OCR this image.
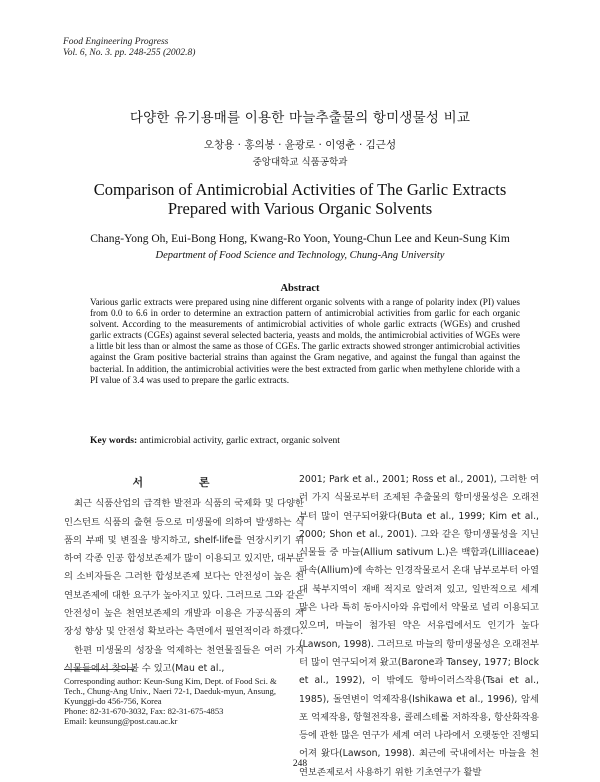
Food Engineering Progress
Vol. 6, No. 3. pp. 248-255 (2002.8)
다양한 유기용매를 이용한 마늘추출물의 항미생물성 비교
오창용 · 홍의봉 · 윤광로 · 이영춘 · 김근성
중앙대학교 식품공학과
Comparison of Antimicrobial Activities of The Garlic Extracts
Prepared with Various Organic Solvents
Chang-Yong Oh, Eui-Bong Hong, Kwang-Ro Yoon, Young-Chun Lee and Keun-Sung Kim
Department of Food Science and Technology, Chung-Ang University
Abstract

Various garlic extracts were prepared using nine different organic solvents with a range of polarity index (PI) values from 0.0 to 6.6 in order to determine an extraction pattern of antimicrobial activities from garlic for each organic solvent. According to the measurements of antimicrobial activities of whole garlic extracts (WGEs) and crushed garlic extracts (CGEs) against several selected bacteria, yeasts and molds, the antimicrobial activities of WGEs were a little bit less than or almost the same as those of CGEs. The garlic extracts showed stronger antimicrobial activities against the Gram positive bacterial strains than against the Gram negative, and against the fungal than against the bacterial. In addition, the antimicrobial activities were the best extracted from garlic when methylene chloride with a PI value of 3.4 was used to prepare the garlic extracts.

Key words: antimicrobial activity, garlic extract, organic solvent

서 론

최근 식품산업의 급격한 발전과 식품의 국제화 및 다양한 인스턴트 식품의 출현 등으로 미생물에 의하여 발생하는 식품의 부패 및 변질을 방지하고, shelf-life를 연장시키기 위하여 각종 인공 합성보존제가 많이 이용되고 있지만, 대부분의 소비자들은 그러한 합성보존제 보다는 안전성이 높은 천연보존제에 대한 요구가 높아지고 있다. 그러므로 그와 같은 안전성이 높은 천연보존제의 개발과 이용은 가공식품의 저장성 향상 및 안전성 확보라는 측면에서 필연적이라 하겠다.

한편 미생물의 성장을 억제하는 천연물질들은 여러 가지 식물들에서 찾아볼 수 있고(Mau et al.,

2001; Park et al., 2001; Ross et al., 2001), 그러한 여러 가지 식물로부터 조제된 추출물의 항미생물성은 오래전부터 많이 연구되어왔다(Buta et al., 1999; Kim et al., 2000; Shon et al., 2001). 그와 같은 항미생물성을 지닌 식물들 중 마늘(Allium sativum L.)은 백합과(Lilliaceae) 파속(Allium)에 속하는 인경작물로서 온대 남부로부터 아열대 북부지역이 재배 적지로 알려져 있고, 일반적으로 세계 많은 나라 특히 동아시아와 유럽에서 약물로 널리 이용되고 있으며, 마늘이 첨가된 약은 서유럽에서도 인기가 높다(Lawson, 1998). 그러므로 마늘의 항미생물성은 오래전부터 많이 연구되어져 왔고(Barone과 Tansey, 1977; Block et al., 1992), 이 밖에도 항바이러스작용(Tsai et al., 1985), 돌연변이 억제작용(Ishikawa et al., 1996), 암세포 억제작용, 항혈전작용, 콜레스테롤 저하작용, 항산화작용 등에 관한 많은 연구가 세계 여러 나라에서 오랫동안 진행되어져 왔다(Lawson, 1998). 최근에 국내에서는 마늘을 천연보존제로서 사용하기 위한 기초연구가 활발

Corresponding author: Keun-Sung Kim, Dept. of Food Sci. & Tech., Chung-Ang Univ., Naeri 72-1, Daeduk-myun, Ansung, Kyunggi-do 456-756, Korea

Phone: 82-31-670-3032, Fax: 82-31-675-4853

Email: keunsung@post.cau.ac.kr

248
